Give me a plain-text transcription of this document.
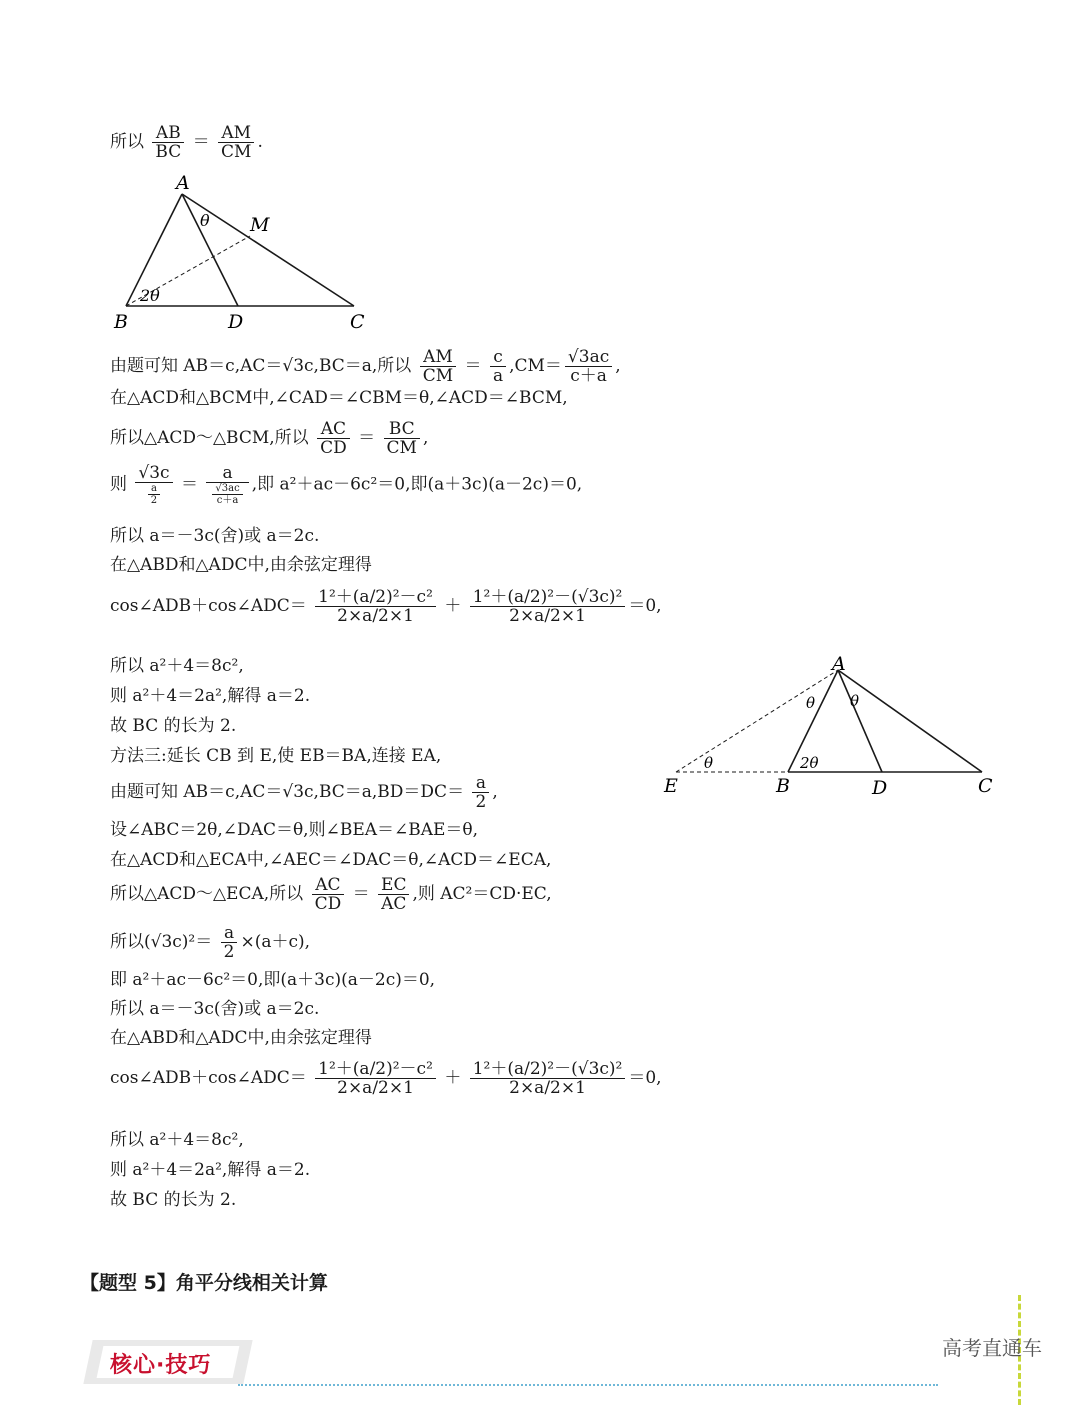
所以 $\frac{AB}{BC} = \frac{AM}{CM}$ .
A
B	C
D
M
θ
2θ
由题可知 AB＝c,AC＝√3c,BC＝a,所以 $\frac{AM}{CM} = \frac{c}{a} ,CM= \frac{√3ac}{c+a}$ ,
在△ACD和△BCM中,∠CAD＝∠CBM＝θ,∠ACD＝∠BCM,
所以△ACD～△BCM,所以 $\frac{AC}{CD} = \frac{BC}{CM}$ ,
则 $\frac{√3c}{\frac{a}{2}} = \frac{a}{\frac{√3ac}{c+a}}$ ,即 a²＋ac－6c²＝0,即(a＋3c)(a－2c)＝0,
所以 a＝－3c(舍)或 a＝2c.
在△ABD和△ADC中,由余弦定理得
cos∠ADB＋cos∠ADC＝ $\frac{\text{1²＋(a/2)²－c²}}{2\times a/2\times 1} + \frac{\text{1²＋(a/2)²－(√3c)²}}{2\times a/2\times 1} =0$,
所以 a²＋4＝8c²,
则 a²＋4＝2a²,解得 a＝2.
故 BC 的长为 2.
方法三:延长 CB 到 E,使 EB＝BA,连接 EA,
A
E	B	D	C
θ θ
θ	2θ
由题可知 $AB=c,AC=√3c,BC=a,BD=DC= \frac{a}{2}$ ,
设∠ABC＝2θ,∠DAC＝θ,则∠BEA＝∠BAE＝θ,
在△ACD和△ECA中,∠AEC＝∠DAC＝θ,∠ACD＝∠ECA,
所以△ACD～△ECA,所以 $\frac{AC}{CD} = \frac{EC}{AC}$ ,则 AC²＝CD·EC,
所以$(√3c)^2= \frac{a}{2} \times(a+c)$,
即 a²＋ac－6c²＝0,即(a＋3c)(a－2c)＝0,
所以 a＝－3c(舍)或 a＝2c.
在△ABD和△ADC中,由余弦定理得
cos∠ADB＋cos∠ADC＝ $\frac{\text{1²＋(a/2)²－c²}}{2\times a/2\times 1} + \frac{\text{1²＋(a/2)²－(√3c)²}}{2\times a/2\times 1} =0$,
所以 a²＋4＝8c²,
则 a²＋4＝2a²,解得 a＝2.
故 BC 的长为 2.
【题型 5】角平分线相关计算
核心·技巧
高考直通车
